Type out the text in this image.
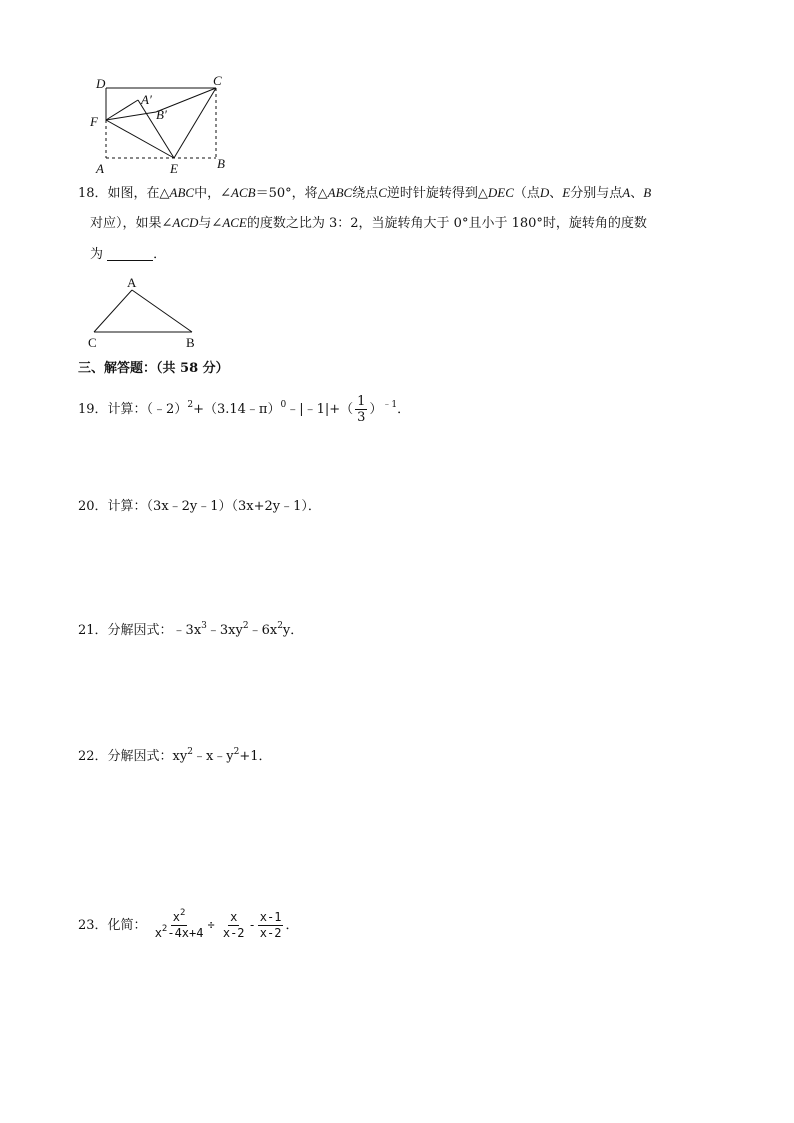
D	C
A′
B′
F
A	E	B
18．如图，在△ABC中，∠ACB＝50°，将△ABC绕点C逆时针旋转得到△DEC（点D、E分别与点A、B
对应），如果∠ACD与∠ACE的度数之比为 3：2，当旋转角大于 0°且小于 180°时，旋转角的度数
为	．
A
C	B
三、解答题：（共 58 分）
19．计算：（﹣2）$^2$+（3.14﹣π）$^0$﹣|﹣1|+（ $\frac{1}{3} )^{﹣1}$．
20．计算：（3x﹣2y﹣1）（3x+2y﹣1）．
21．分解因式：$﹣3x^3﹣3xy^2﹣6x^2y$．
22．分解因式：$xy^2﹣x﹣y^2+1$．
23．化简： $\frac{x^2}{x^2-4x+4} \div \frac{x}{x-2} - \frac{x-1}{x-2}$ ．
